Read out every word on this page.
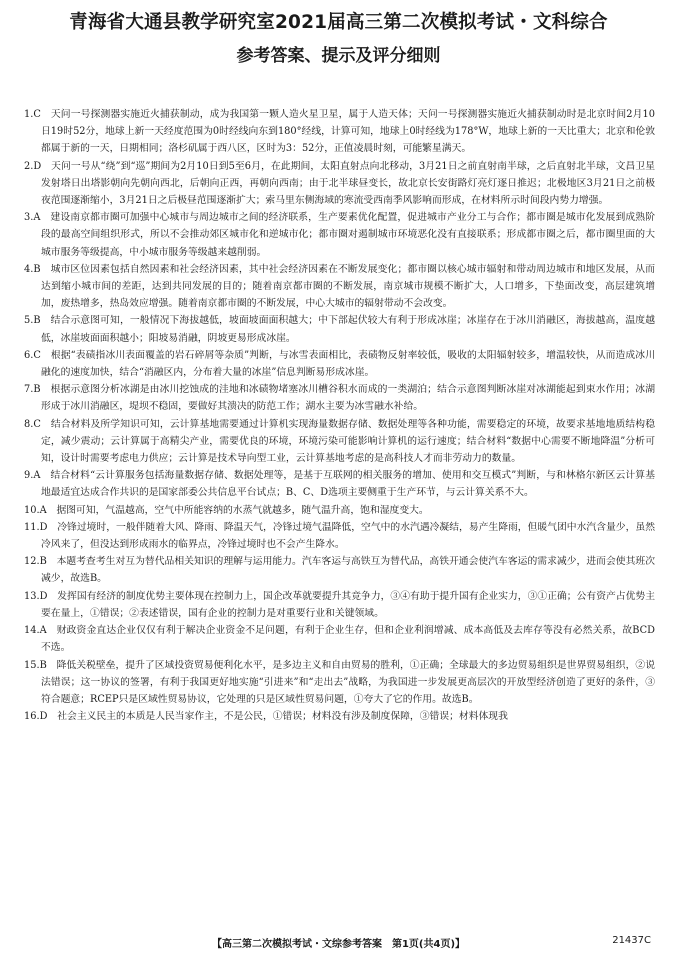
青海省大通县教学研究室2021届高三第二次模拟考试・文科综合
参考答案、提示及评分细则
1.C　天问一号探测器实施近火捕获制动，成为我国第一颗人造火星卫星，属于人造天体；天问一号探测器实施近火捕获制动时是北京时间2月10日19时52分，地球上新一天经度范围为0时经线向东到180°经线，计算可知，地球上0时经线为178°W，地球上新的一天比重大；北京和伦敦都属于新的一天，日期相同；洛杉矶属于西八区，区时为3：52分，正值凌晨时刻，可能繁星满天。
2.D　天问一号从“绕”到“巡”期间为2月10日到5至6月，在此期间，太阳直射点向北移动，3月21日之前直射南半球，之后直射北半球，文昌卫星发射塔日出塔影朝向先朝向西北，后朝向正西，再朝向西南；由于北半球昼变长，故北京长安街路灯亮灯逐日推迟；北极地区3月21日之前极夜范围逐渐缩小，3月21日之后极昼范围逐渐扩大；索马里东侧海域的寒流受西南季风影响而形成，在材料所示时间段内势力增强。
3.A　建设南京都市圈可加强中心城市与周边城市之间的经济联系，生产要素优化配置，促进城市产业分工与合作；都市圈是城市化发展到成熟阶段的最高空间组织形式，所以不会推动郊区城市化和逆城市化；都市圈对遏制城市环境恶化没有直接联系；形成都市圈之后，都市圈里面的大城市服务等级提高，中小城市服务等级越来越削弱。
4.B　城市区位因素包括自然因素和社会经济因素，其中社会经济因素在不断发展变化；都市圈以核心城市辐射和带动周边城市和地区发展，从而达到缩小城市间的差距，达到共同发展的目的；随着南京都市圈的不断发展，南京城市规模不断扩大，人口增多，下垫面改变，高层建筑增加，废热增多，热岛效应增强。随着南京都市圈的不断发展，中心大城市的辐射带动不会改变。
5.B　结合示意图可知，一般情况下海拔越低，坡面坡面面积越大；中下部起伏较大有利于形成冰崖；冰崖存在于冰川消融区，海拔越高，温度越低，冰崖坡面面积越小；阳坡易消融，阴坡更易形成冰崖。
6.C　根据“表碛指冰川表面覆盖的岩石碎屑等杂质”判断，与冰雪表面相比，表碛物反射率较低，吸收的太阳辐射较多，增温较快，从而造成冰川融化的速度加快，结合“消融区内，分布着大量的冰崖”信息判断易形成冰崖。
7.B　根据示意图分析冰湖是由冰川挖蚀成的洼地和冰碛物堵塞冰川槽谷积水而成的一类湖泊；结合示意图判断冰崖对冰湖能起到束水作用；冰湖形成于冰川消融区，堤坝不稳固，要做好其溃决的防范工作；湖水主要为冰雪融水补给。
8.C　结合材料及所学知识可知，云计算基地需要通过计算机实现海量数据存储、数据处理等各种功能，需要稳定的环境，故要求基地地质结构稳定，减少震动；云计算属于高精尖产业，需要优良的环境，环境污染可能影响计算机的运行速度；结合材料“数据中心需要不断地降温”分析可知，设计时需要考虑电力供应；云计算是技术导向型工业，云计算基地考虑的是高科技人才而非劳动力的数量。
9.A　结合材料“云计算服务包括海量数据存储、数据处理等，是基于互联网的相关服务的增加、使用和交互模式”判断，与和林格尔新区云计算基地最适宜达成合作共识的是国家部委公共信息平台试点；B、C、D选项主要侧重于生产环节，与云计算关系不大。
10.A　据图可知，气温越高，空气中所能容纳的水蒸气就越多，随气温升高，饱和湿度变大。
11.D　冷锋过境时，一般伴随着大风、降雨、降温天气，冷锋过境气温降低，空气中的水汽遇冷凝结，易产生降雨，但暖气团中水汽含量少，虽然冷风来了，但没达到形成雨水的临界点，冷锋过境时也不会产生降水。
12.B　本题考查考生对互为替代品相关知识的理解与运用能力。汽车客运与高铁互为替代品，高铁开通会使汽车客运的需求减少，进而会使其班次减少，故选B。
13.D　发挥国有经济的制度优势主要体现在控制力上，国企改革就要提升其竞争力，③④有助于提升国有企业实力，③①正确；公有资产占优势主要在量上，①错误；②表述错误，国有企业的控制力是对重要行业和关键领域。
14.A　财政资金直达企业仅仅有利于解决企业资金不足问题，有利于企业生存，但和企业利润增减、成本高低及去库存等没有必然关系，故BCD不选。
15.B　降低关税壁垒，提升了区域投资贸易便利化水平，是多边主义和自由贸易的胜利，①正确；全球最大的多边贸易组织是世界贸易组织，②说法错误；这一协议的签署，有利于我国更好地实施“引进来”和“走出去”战略，为我国进一步发展更高层次的开放型经济创造了更好的条件，③符合题意；RCEP只是区域性贸易协议，它处理的只是区域性贸易问题，①夸大了它的作用。故选B。
16.D　社会主义民主的本质是人民当家作主，不是公民，①错误；材料没有涉及制度保障，③错误；材料体现我
【高三第二次模拟考试・文综参考答案　第1页(共4页)】	21437C
